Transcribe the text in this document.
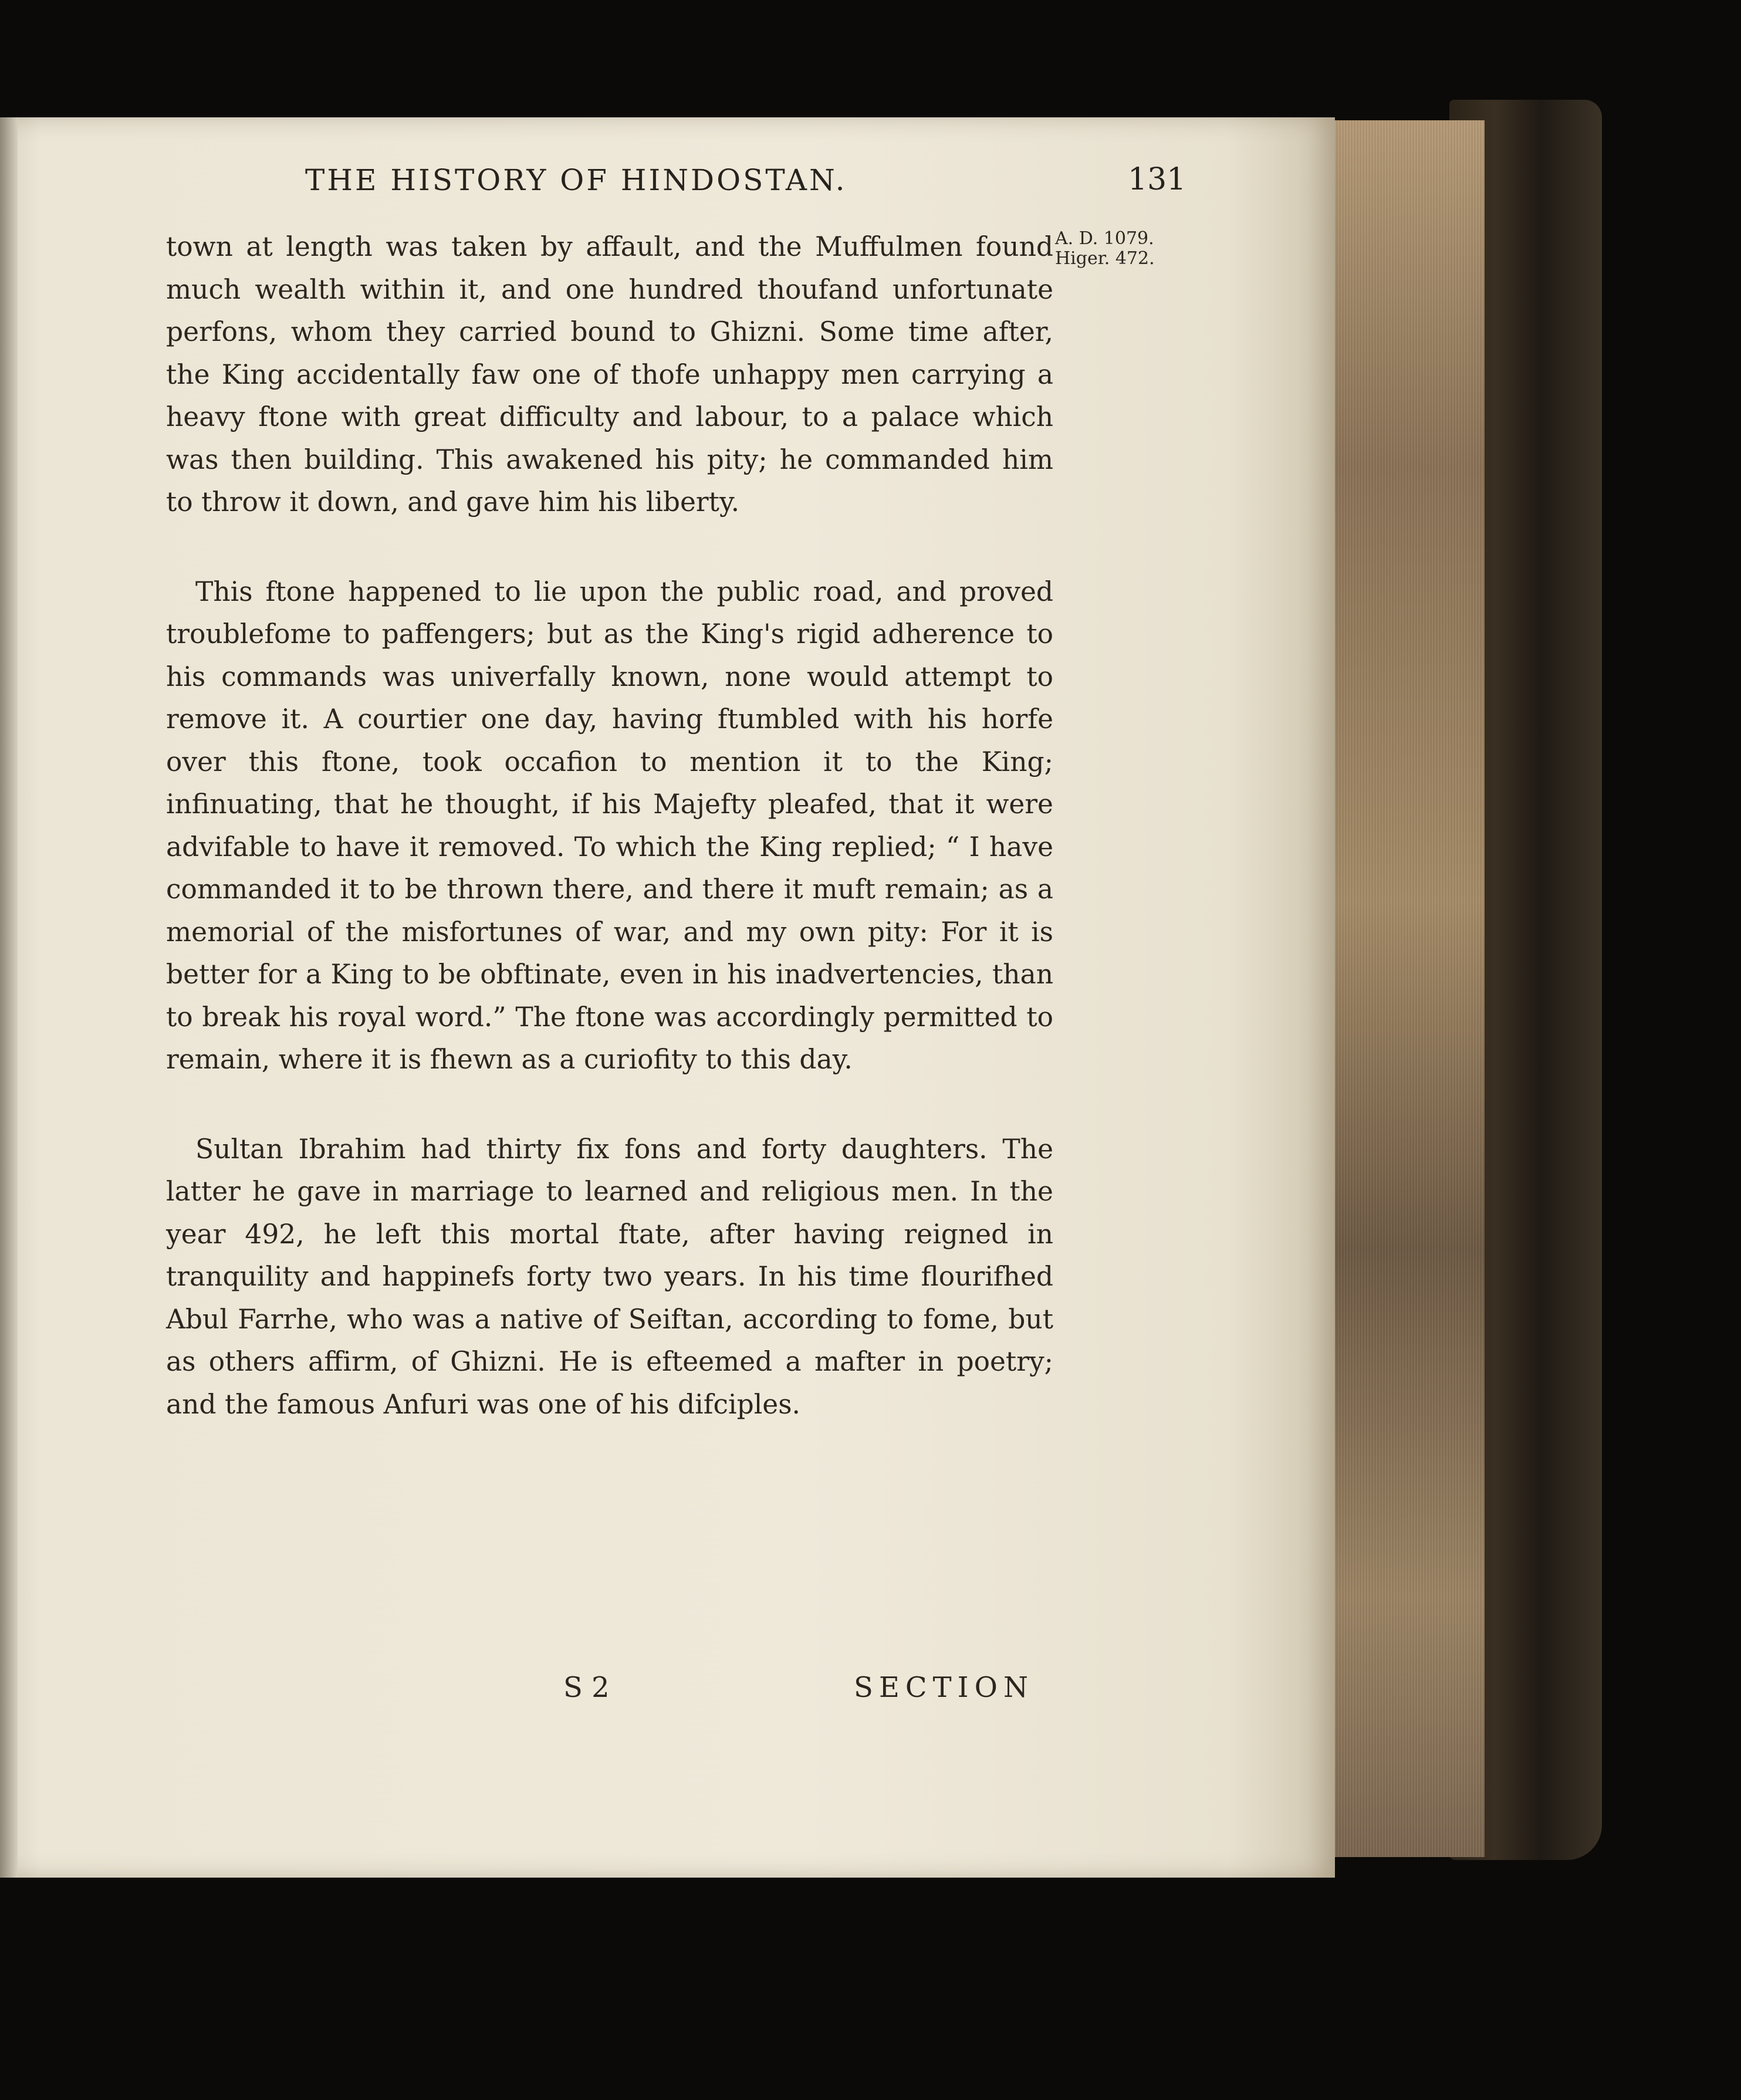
THE HISTORY OF HINDOSTAN.	131
A. D. 1079.
Higer. 472.

town at length was taken by affault, and the Muffulmen found much wealth within it, and one hundred thoufand unfortunate perfons, whom they carried bound to Ghizni. Some time after, the King accidentally faw one of thofe unhappy men carrying a heavy ftone with great difficulty and labour, to a palace which was then building. This awakened his pity; he commanded him to throw it down, and gave him his liberty.

This ftone happened to lie upon the public road, and proved troublefome to paffengers; but as the King's rigid adherence to his commands was univerfally known, none would attempt to remove it. A courtier one day, having ftumbled with his horfe over this ftone, took occafion to mention it to the King; infinuating, that he thought, if his Majefty pleafed, that it were advifable to have it removed. To which the King replied; “ I have commanded it to be thrown there, and there it muft remain; as a memorial of the misfortunes of war, and my own pity: For it is better for a King to be obftinate, even in his inadvertencies, than to break his royal word.” The ftone was accordingly permitted to remain, where it is fhewn as a curiofity to this day.

Sultan Ibrahim had thirty fix fons and forty daughters. The latter he gave in marriage to learned and religious men. In the year 492, he left this mortal ftate, after having reigned in tranquility and happinefs forty two years. In his time flourifhed Abul Farrhe, who was a native of Seiftan, according to fome, but as others affirm, of Ghizni. He is efteemed a mafter in poetry; and the famous Anfuri was one of his difciples.

S 2	SECTION
